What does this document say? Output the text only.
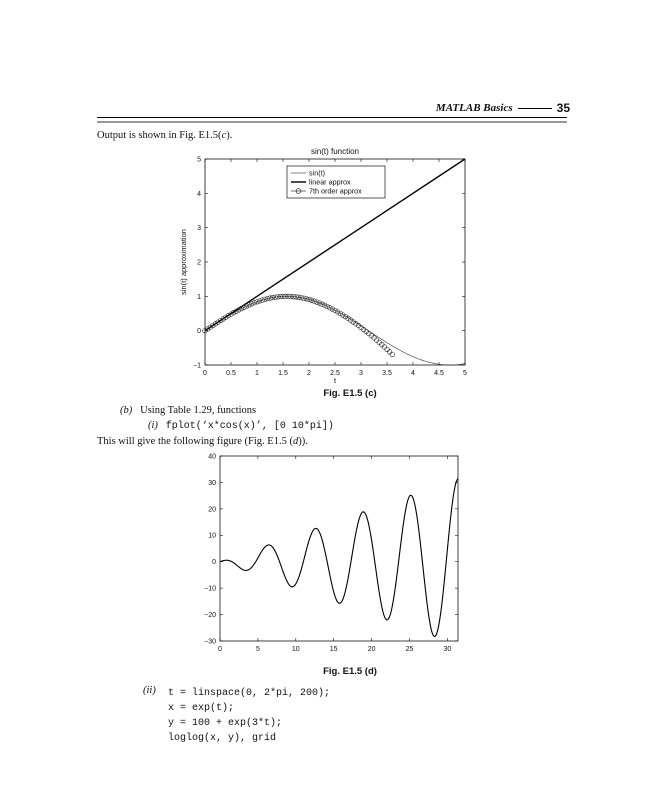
MATLAB Basics	35
Output is shown in Fig. E1.5(c).
sin(t) function
0	0.5	1	1.5	2	2.5	3	3.5	4	4.5	5
−1
0
1
2
3
4
5
sin(t)
linear approx
7th order approx
t
sin(t) approximation
Fig. E1.5 (c)
(b) Using Table 1.29, functions
(i) fplot(‘x*cos(x)’, [0 10*pi])
This will give the following figure (Fig. E1.5 (d)).
0	5	10	15	20	25	30
−30
−20
−10
0
10
20
30
40
Fig. E1.5 (d)
(ii) t = linspace(0, 2*pi, 200);
x = exp(t);
y = 100 + exp(3*t);
loglog(x, y), grid
